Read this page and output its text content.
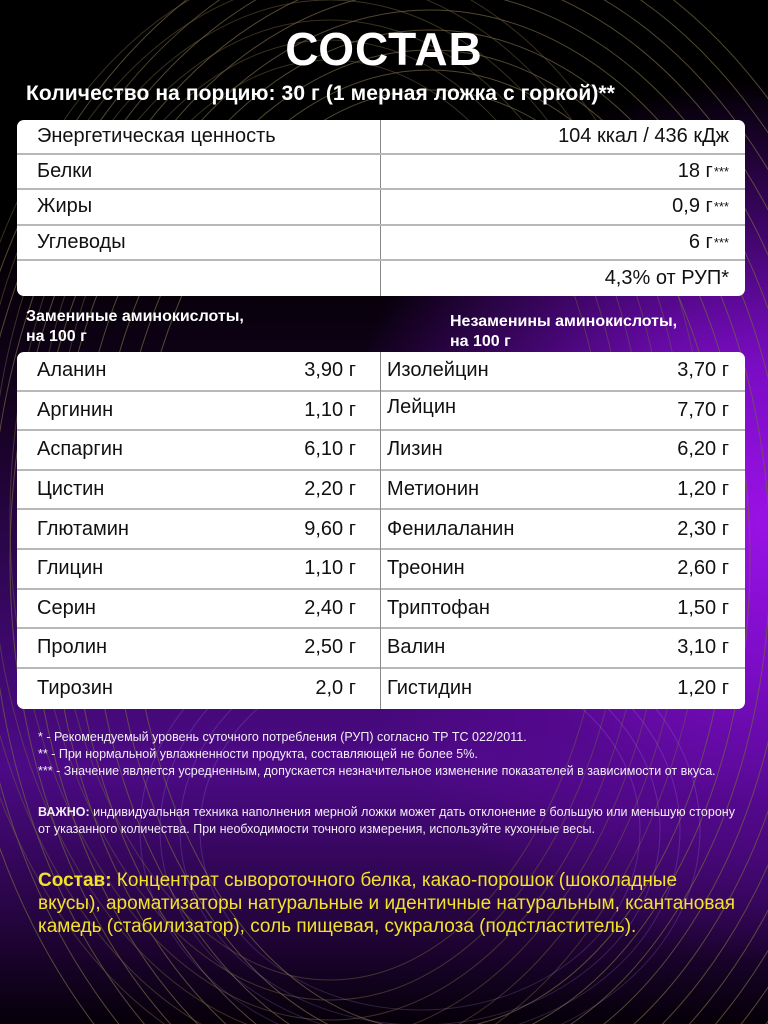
СОСТАВ
Количество на порцию: 30 г (1 мерная ложка с горкой)**
Энергетическая ценность	104 ккал / 436 кДж
Белки	18 г ***
Жиры	0,9 г ***
Углеводы	6 г ***
4,3% от РУП*
Замениные аминокислоты,
на 100 г
Незаменины аминокислоты,
на 100 г
Аланин	3,90 г
Аргинин	1,10 г
Аспаргин	6,10 г
Цистин	2,20 г
Глютамин	9,60 г
Глицин	1,10 г
Серин	2,40 г
Пролин	2,50 г
Тирозин	2,0 г
Изолейцин	3,70 г
Лейцин	7,70 г
Лизин	6,20 г
Метионин	1,20 г
Фенилаланин	2,30 г
Треонин	2,60 г
Триптофан	1,50 г
Валин	3,10 г
Гистидин	1,20 г

* - Рекомендуемый уровень суточного потребления (РУП) согласно ТР ТС 022/2011.

** - При нормальной увлажненности продукта, составляющей не более 5%.

*** - Значение является усредненным, допускается незначительное изменение показателей в зависимости от вкуса.

ВАЖНО: индивидуальная техника наполнения мерной ложки может дать отклонение в большую или меньшую сторону от указанного количества. При необходимости точного измерения, используйте кухонные весы.
Состав: Концентрат сывороточного белка, какао-порошок (шоколадные вкусы), ароматизаторы натуральные и идентичные натуральным, ксантановая камедь (стабилизатор), соль пищевая, сукралоза (подстластитель).
